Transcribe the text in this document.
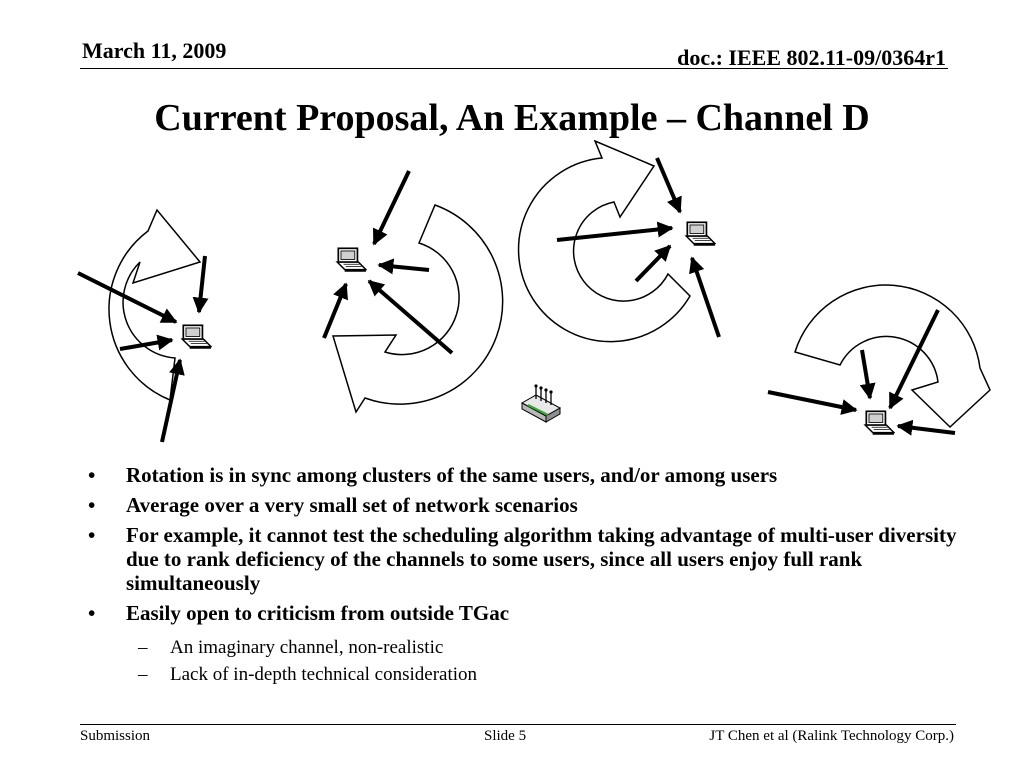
March 11, 2009	doc.: IEEE 802.11-09/0364r1
Current Proposal, An Example – Channel D
• Rotation is in sync among clusters of the same users, and/or among users
• Average over a very small set of network scenarios
• For example, it cannot test the scheduling algorithm taking advantage of multi-user diversity due to rank deficiency of the channels to some users, since all users enjoy full rank simultaneously
• Easily open to criticism from outside TGac
– An imaginary channel, non-realistic
– Lack of in-depth technical consideration
Submission	Slide 5	JT Chen et al (Ralink Technology Corp.)
